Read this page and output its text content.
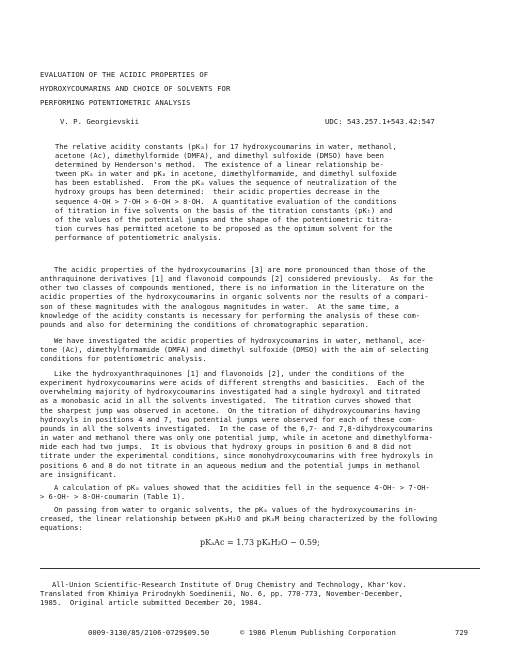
EVALUATION OF THE ACIDIC PROPERTIES OF
HYDROXYCOUMARINS AND CHOICE OF SOLVENTS FOR
PERFORMING POTENTIOMETRIC ANALYSIS
V. P. Georgievskii	UDC: 543.257.1+543.42:547

The relative acidity constants (pKₐ) for 17 hydroxycoumarins in water, methanol,

acetone (Ac), dimethylformide (DMFA), and dimethyl sulfoxide (DMSO) have been

determined by Henderson's method.  The existence of a linear relationship be-

tween pKₐ in water and pKₐ in acetone, dimethylformamide, and dimethyl sulfoxide

has been established.  From the pKₐ values the sequence of neutralization of the

hydroxy groups has been determined:  their acidic properties decrease in the

sequence 4-OH > 7-OH > 6-OH > 8-OH.  A quantitative evaluation of the conditions

of titration in five solvents on the basis of the titration constants (pKₜ) and

of the values of the potential jumps and the shape of the potentiometric titra-

tion curves has permitted acetone to be proposed as the optimum solvent for the

performance of potentiometric analysis.

The acidic properties of the hydroxycoumarins [3] are more pronounced than those of the

anthraquinone derivatives [1] and flavonoid compounds [2] considered previously.  As for the

other two classes of compounds mentioned, there is no information in the literature on the

acidic properties of the hydroxycoumarins in organic solvents nor the results of a compari-

son of these magnitudes with the analogous magnitudes in water.  At the same time, a

knowledge of the acidity constants is necessary for performing the analysis of these com-

pounds and also for determining the conditions of chromatographic separation.

We have investigated the acidic properties of hydroxycoumarins in water, methanol, ace-

tone (Ac), dimethylformamide (DMFA) and dimethyl sulfoxide (DMSO) with the aim of selecting

conditions for potentiometric analysis.

Like the hydroxyanthraquinones [1] and flavonoids [2], under the conditions of the

experiment hydroxycoumarins were acids of different strengths and basicities.  Each of the

overwhelming majority of hydroxycoumarins investigated had a single hydroxyl and titrated

as a monobasic acid in all the solvents investigated.  The titration curves showed that

the sharpest jump was observed in acetone.  On the titration of dihydroxycoumarins having

hydroxyls in positions 4 and 7, two potential jumps were observed for each of these com-

pounds in all the solvents investigated.  In the case of the 6,7- and 7,8-dihydroxycoumarins

in water and methanol there was only one potential jump, while in acetone and dimethylforma-

mide each had two jumps.  It is obvious that hydroxy groups in position 6 and 8 did not

titrate under the experimental conditions, since monohydroxycoumarins with free hydroxyls in

positions 6 and 8 do not titrate in an aqueous medium and the potential jumps in methanol

are insignificant.

A calculation of pKₐ values showed that the acidities fell in the sequence 4-OH- > 7-OH-

> 6-OH- > 8-OH-coumarin (Table 1).

On passing from water to organic solvents, the pKₐ values of the hydroxycoumarins in-

creased, the linear relationship between pKₐH₂O and pKₐM being characterized by the following

equations:

pKₐAc = 1.73 pKₐH₂O − 0.59;

All-Union Scientific-Research Institute of Drug Chemistry and Technology, Khar'kov.

Translated from Khimiya Prirodnykh Soedinenii, No. 6, pp. 770-773, November-December,

1985.  Original article submitted December 20, 1984.

0009-3130/85/2106-0729$09.50	© 1986 Plenum Publishing Corporation	729
